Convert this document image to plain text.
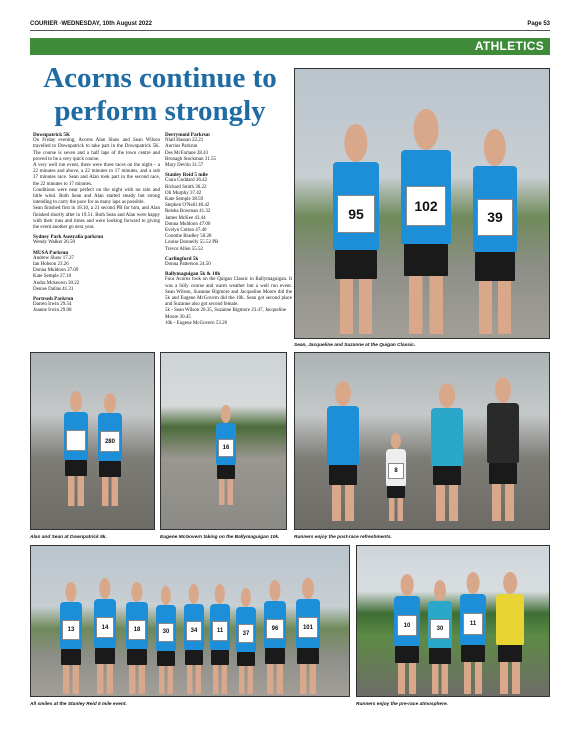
COURIER ·WEDNESDAY, 10th August 2022	Page 53
ATHLETICS
Acorns continue to perform strongly
Downpatrick 5K

On Friday evening, Acorns Alan Shaw and Sean Wilson travelled to Downpatrick to take part in the Downpatrick 5K. The course is seven and a half laps of the town centre and proved to be a very quick course.

A very well run event, there were three races on the night – a 22 minutes and above, a 22 minutes to 17 minutes, and a sub 17 minutes race. Sean and Alan took part in the second race, the 22 minutes to 17 minutes.

Conditions were near perfect on the night with no rain and little wind. Both Sean and Alan started steady but strong intending to carry the pace for as many laps as possible.

Sean finished first in 18.10, a 21 second PB for him, and Alan finished shortly after in 19.51. Both Sean and Alan were happy with their runs and times and were looking forward to giving the event another go next year.

Sydney Park Australia parkrun
Wendy Walker 26.50
MUSA Parkrun
Andrew Shaw 17.37
Ian Hobson 23.26
Donna Muldoon 27.09
Kate Semple 27.10
Andra Mckeown 30.22
Denise Dallas 41.31
Portrush Parkrun
Darren Irwin 29.54
Joanne Irwin 29.08
Derrymoid Parkrun
Niall Hassan 22.21
Aurrios Parkrun
Des McFarlane 28.43
Bronagh Stockman 31.55
Mary Devlin 31.57
Stanley Reid 5 mile
Ciara Goddard 36.42
Richard Smith 36.22
Oli Murphy 37.42
Kate Semple 38.59
Stephen O'Neill 40.42
Reisha Bowman 41.32
James McKee 43.44
Donna Muldoon 47.00
Evelyn Cotton 47.40
Coombe Bradley 50.28
Louise Donnelly 55.52 PB
Trevor Allen 55.52
Carlingford 5k
Donna Patterson 24.50
Ballymaguigan 5k & 10k

Four Acorns took on the Quigan Classic in Ballymaguigan. It was a hilly course and warm weather but a well run event. Sean Wilson, Suzanne Bigmore and Jacqueline Moore did the 5k and Eugene McGovern did the 10k. Sean got second place and Suzanne also got second female.

5k - Sean Wilson 20.35, Suzanne Bigmore 23.47, Jacqueline Moore 30.45
10k - Eugene McGovern 53.20
95
102
39
Sean, Jacqueline and Suzanne at the Quigan Classic.
280
Alan and Sean at Downpatrick 5k.
16
Eugene McGovern taking on the Ballymaguigan 10k.
8
Runners enjoy the post-race refreshments.
13	14	18	30	34	11	37
96	101
All smiles at the Stanley Reid 5 mile event.
10
30
11
Runners enjoy the pre-race atmosphere.
